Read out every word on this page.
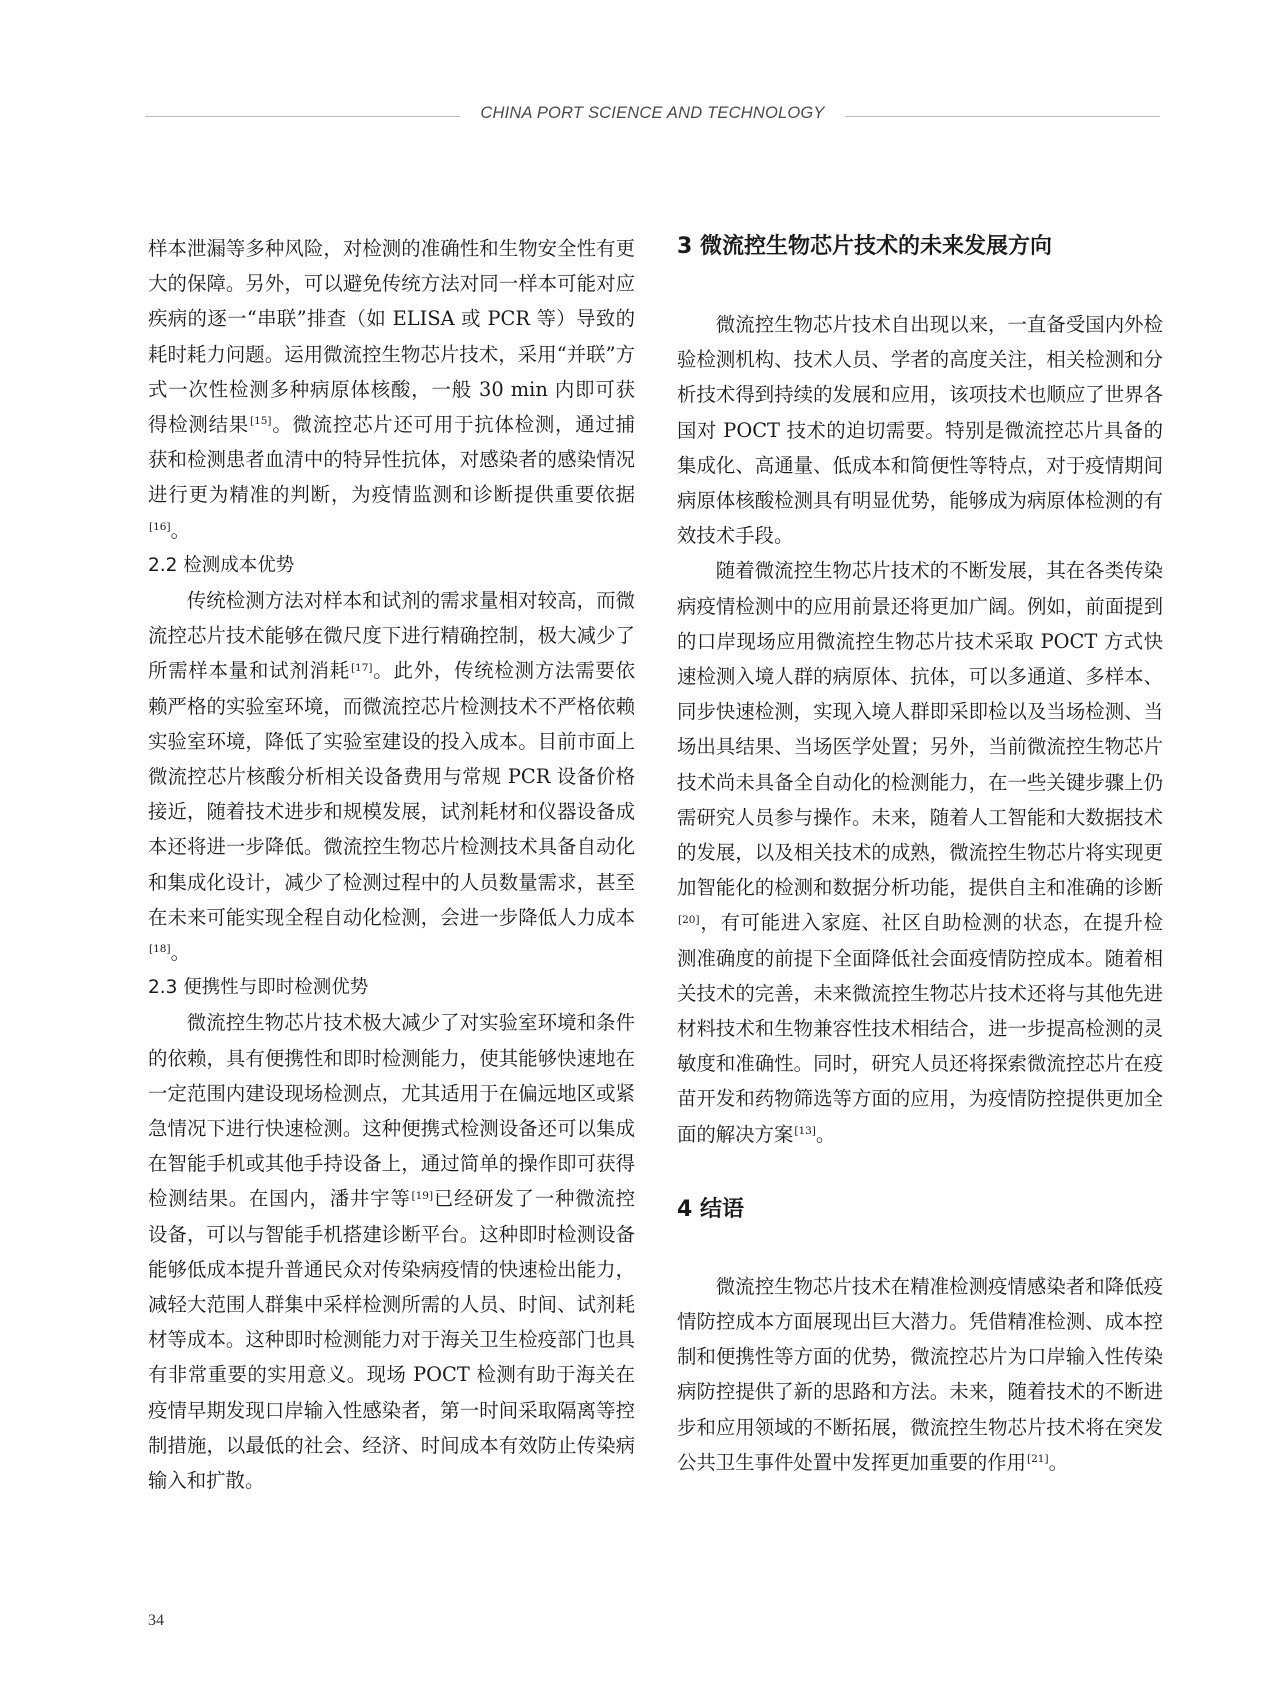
CHINA PORT SCIENCE AND TECHNOLOGY

样本泄漏等多种风险，对检测的准确性和生物安全性有更大的保障。另外，可以避免传统方法对同一样本可能对应疾病的逐一“串联”排查（如 ELISA 或 PCR 等）导致的耗时耗力问题。运用微流控生物芯片技术，采用“并联”方式一次性检测多种病原体核酸，一般 30 min 内即可获得检测结果[15]。微流控芯片还可用于抗体检测，通过捕获和检测患者血清中的特异性抗体，对感染者的感染情况进行更为精准的判断，为疫情监测和诊断提供重要依据[16]。

2.2 检测成本优势

传统检测方法对样本和试剂的需求量相对较高，而微流控芯片技术能够在微尺度下进行精确控制，极大减少了所需样本量和试剂消耗[17]。此外，传统检测方法需要依赖严格的实验室环境，而微流控芯片检测技术不严格依赖实验室环境，降低了实验室建设的投入成本。目前市面上微流控芯片核酸分析相关设备费用与常规 PCR 设备价格接近，随着技术进步和规模发展，试剂耗材和仪器设备成本还将进一步降低。微流控生物芯片检测技术具备自动化和集成化设计，减少了检测过程中的人员数量需求，甚至在未来可能实现全程自动化检测，会进一步降低人力成本[18]。

2.3 便携性与即时检测优势

微流控生物芯片技术极大减少了对实验室环境和条件的依赖，具有便携性和即时检测能力，使其能够快速地在一定范围内建设现场检测点，尤其适用于在偏远地区或紧急情况下进行快速检测。这种便携式检测设备还可以集成在智能手机或其他手持设备上，通过简单的操作即可获得检测结果。在国内，潘井宇等[19]已经研发了一种微流控设备，可以与智能手机搭建诊断平台。这种即时检测设备能够低成本提升普通民众对传染病疫情的快速检出能力，减轻大范围人群集中采样检测所需的人员、时间、试剂耗材等成本。这种即时检测能力对于海关卫生检疫部门也具有非常重要的实用意义。现场 POCT 检测有助于海关在疫情早期发现口岸输入性感染者，第一时间采取隔离等控制措施，以最低的社会、经济、时间成本有效防止传染病输入和扩散。

3 微流控生物芯片技术的未来发展方向

微流控生物芯片技术自出现以来，一直备受国内外检验检测机构、技术人员、学者的高度关注，相关检测和分析技术得到持续的发展和应用，该项技术也顺应了世界各国对 POCT 技术的迫切需要。特别是微流控芯片具备的集成化、高通量、低成本和简便性等特点，对于疫情期间病原体核酸检测具有明显优势，能够成为病原体检测的有效技术手段。

随着微流控生物芯片技术的不断发展，其在各类传染病疫情检测中的应用前景还将更加广阔。例如，前面提到的口岸现场应用微流控生物芯片技术采取 POCT 方式快速检测入境人群的病原体、抗体，可以多通道、多样本、同步快速检测，实现入境人群即采即检以及当场检测、当场出具结果、当场医学处置；另外，当前微流控生物芯片技术尚未具备全自动化的检测能力，在一些关键步骤上仍需研究人员参与操作。未来，随着人工智能和大数据技术的发展，以及相关技术的成熟，微流控生物芯片将实现更加智能化的检测和数据分析功能，提供自主和准确的诊断[20]，有可能进入家庭、社区自助检测的状态，在提升检测准确度的前提下全面降低社会面疫情防控成本。随着相关技术的完善，未来微流控生物芯片技术还将与其他先进材料技术和生物兼容性技术相结合，进一步提高检测的灵敏度和准确性。同时，研究人员还将探索微流控芯片在疫苗开发和药物筛选等方面的应用，为疫情防控提供更加全面的解决方案[13]。

4 结语

微流控生物芯片技术在精准检测疫情感染者和降低疫情防控成本方面展现出巨大潜力。凭借精准检测、成本控制和便携性等方面的优势，微流控芯片为口岸输入性传染病防控提供了新的思路和方法。未来，随着技术的不断进步和应用领域的不断拓展，微流控生物芯片技术将在突发公共卫生事件处置中发挥更加重要的作用[21]。

34
